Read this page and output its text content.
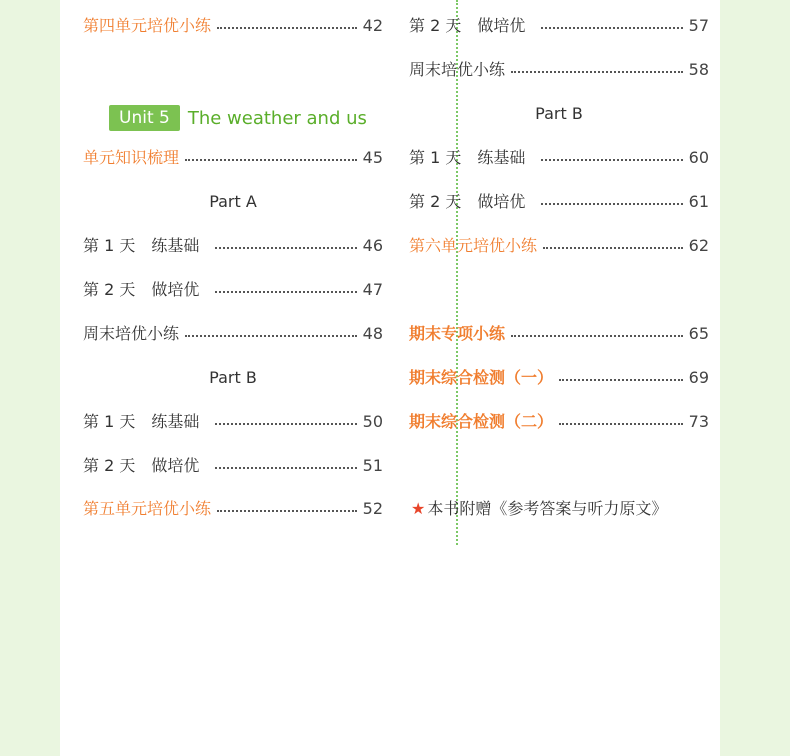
第四单元培优小练	42
Unit 5	The weather and us
单元知识梳理	45
Part A
第 1 天 练基础	46
第 2 天 做培优	47
周末培优小练	48
Part B
第 1 天 练基础	50
第 2 天 做培优	51
第五单元培优小练	52
第 2 天 做培优	57
周末培优小练	58
Part B
第 1 天 练基础	60
第 2 天 做培优	61
第六单元培优小练	62
期末专项小练	65
期末综合检测（一）	69
期末综合检测（二）	73
★ 本书附赠《参考答案与听力原文》
